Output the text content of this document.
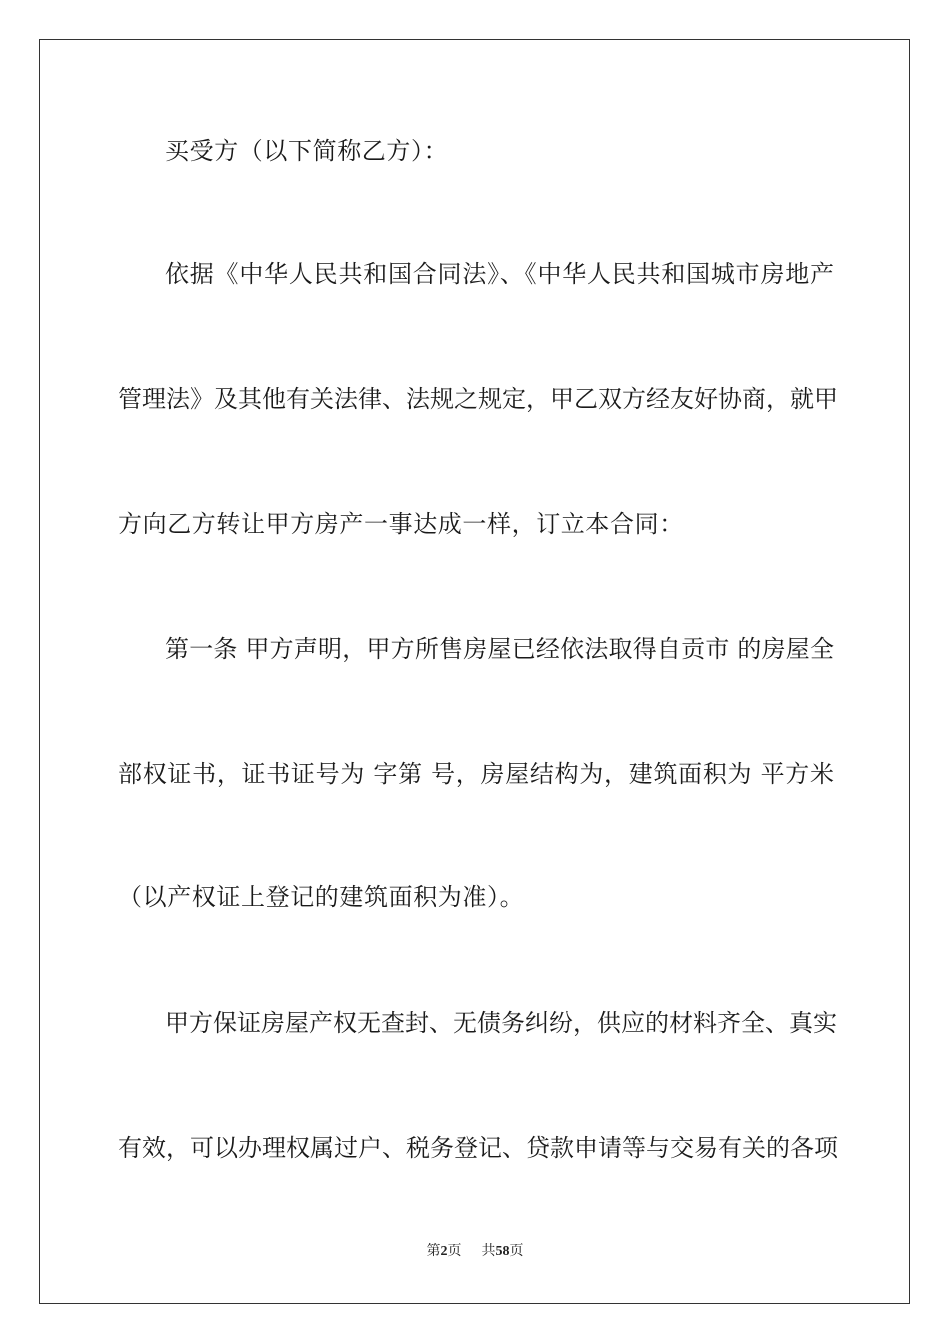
买受方（以下简称乙方）：
依据《中华人民共和国合同法》、《中华人民共和国城市房地产
管理法》及其他有关法律、法规之规定，甲乙双方经友好协商，就甲
方向乙方转让甲方房产一事达成一样，订立本合同：
第一条 甲方声明，甲方所售房屋已经依法取得自贡市 的房屋全
部权证书，证书证号为 字第 号，房屋结构为，建筑面积为 平方米
（以产权证上登记的建筑面积为准）。
甲方保证房屋产权无查封、无债务纠纷，供应的材料齐全、真实
有效，可以办理权属过户、税务登记、贷款申请等与交易有关的各项
第2页 共58页
